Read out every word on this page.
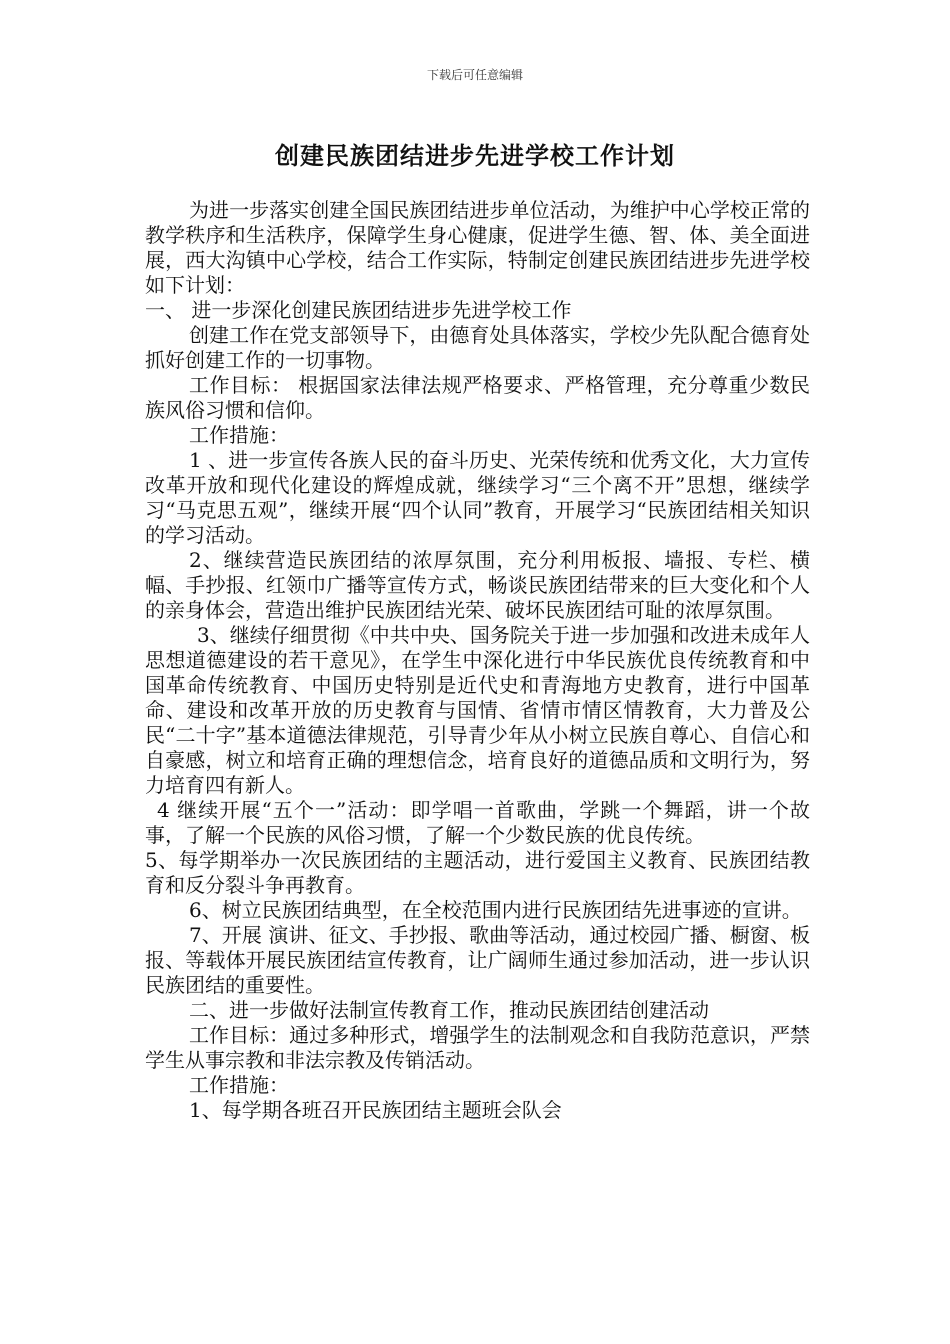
下载后可任意编辑
创建民族团结进步先进学校工作计划

为进一步落实创建全国民族团结进步单位活动，为维护中心学校正常的教学秩序和生活秩序，保障学生身心健康，促进学生德、智、体、美全面进展，西大沟镇中心学校，结合工作实际，特制定创建民族团结进步先进学校如下计划：

一、 进一步深化创建民族团结进步先进学校工作

创建工作在党支部领导下，由德育处具体落实，学校少先队配合德育处抓好创建工作的一切事物。

工作目标： 根据国家法律法规严格要求、严格管理，充分尊重少数民族风俗习惯和信仰。

工作措施：

1 、进一步宣传各族人民的奋斗历史、光荣传统和优秀文化，大力宣传改革开放和现代化建设的辉煌成就，继续学习“三个离不开”思想，继续学习“马克思五观”，继续开展“四个认同”教育，开展学习“民族团结相关知识的学习活动。

2、继续营造民族团结的浓厚氛围，充分利用板报、墙报、专栏、横幅、手抄报、红领巾广播等宣传方式，畅谈民族团结带来的巨大变化和个人的亲身体会，营造出维护民族团结光荣、破坏民族团结可耻的浓厚氛围。

3、继续仔细贯彻《中共中央、国务院关于进一步加强和改进未成年人思想道德建设的若干意见》，在学生中深化进行中华民族优良传统教育和中国革命传统教育、中国历史特别是近代史和青海地方史教育，进行中国革命、建设和改革开放的历史教育与国情、省情市情区情教育，大力普及公民“二十字”基本道德法律规范，引导青少年从小树立民族自尊心、自信心和自豪感，树立和培育正确的理想信念，培育良好的道德品质和文明行为，努力培育四有新人。

4 继续开展“五个一”活动：即学唱一首歌曲，学跳一个舞蹈，讲一个故事，了解一个民族的风俗习惯，了解一个少数民族的优良传统。

5、每学期举办一次民族团结的主题活动，进行爱国主义教育、民族团结教育和反分裂斗争再教育。

6、树立民族团结典型，在全校范围内进行民族团结先进事迹的宣讲。

7、开展 演讲、征文、手抄报、歌曲等活动，通过校园广播、橱窗、板报、等载体开展民族团结宣传教育，让广阔师生通过参加活动，进一步认识民族团结的重要性。

二、进一步做好法制宣传教育工作，推动民族团结创建活动

工作目标：通过多种形式，增强学生的法制观念和自我防范意识，严禁学生从事宗教和非法宗教及传销活动。

工作措施：

1、每学期各班召开民族团结主题班会队会
